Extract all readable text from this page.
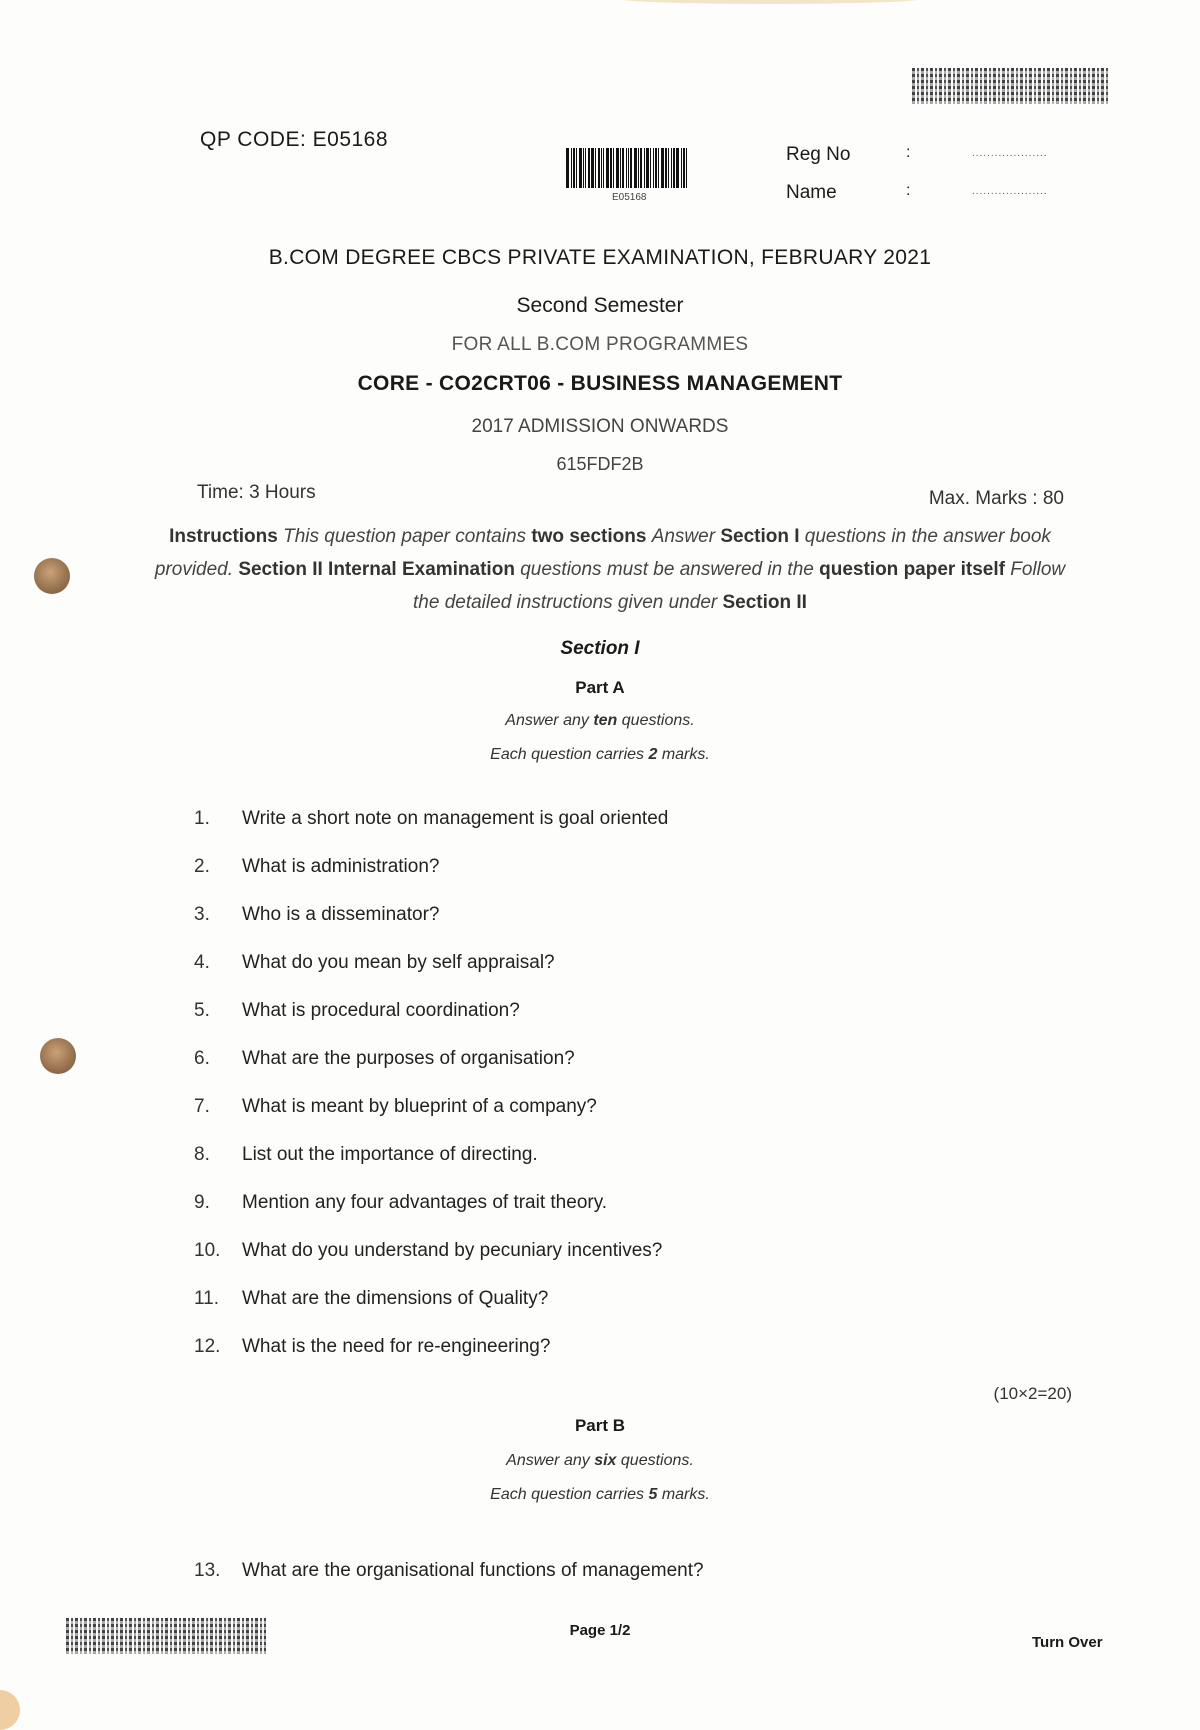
QP CODE: E05168
E05168
Reg No	:	....................
Name	:	....................
B.COM DEGREE CBCS PRIVATE EXAMINATION, FEBRUARY 2021
Second Semester
FOR ALL B.COM PROGRAMMES
CORE - CO2CRT06 - BUSINESS MANAGEMENT
2017 ADMISSION ONWARDS
615FDF2B
Time: 3 Hours	Max. Marks : 80
Instructions This question paper contains two sections Answer Section I questions in the answer book provided. Section II Internal Examination questions must be answered in the question paper itself Follow the detailed instructions given under Section II
Section I
Part A
Answer any ten questions.
Each question carries 2 marks.
1.	Write a short note on management is goal oriented
2.	What is administration?
3.	Who is a disseminator?
4.	What do you mean by self appraisal?
5.	What is procedural coordination?
6.	What are the purposes of organisation?
7.	What is meant by blueprint of a company?
8.	List out the importance of directing.
9.	Mention any four advantages of trait theory.
10.	What do you understand by pecuniary incentives?
11.	What are the dimensions of Quality?
12.	What is the need for re-engineering?
(10×2=20)
Part B
Answer any six questions.
Each question carries 5 marks.
13.	What are the organisational functions of management?
Page 1/2
Turn Over
